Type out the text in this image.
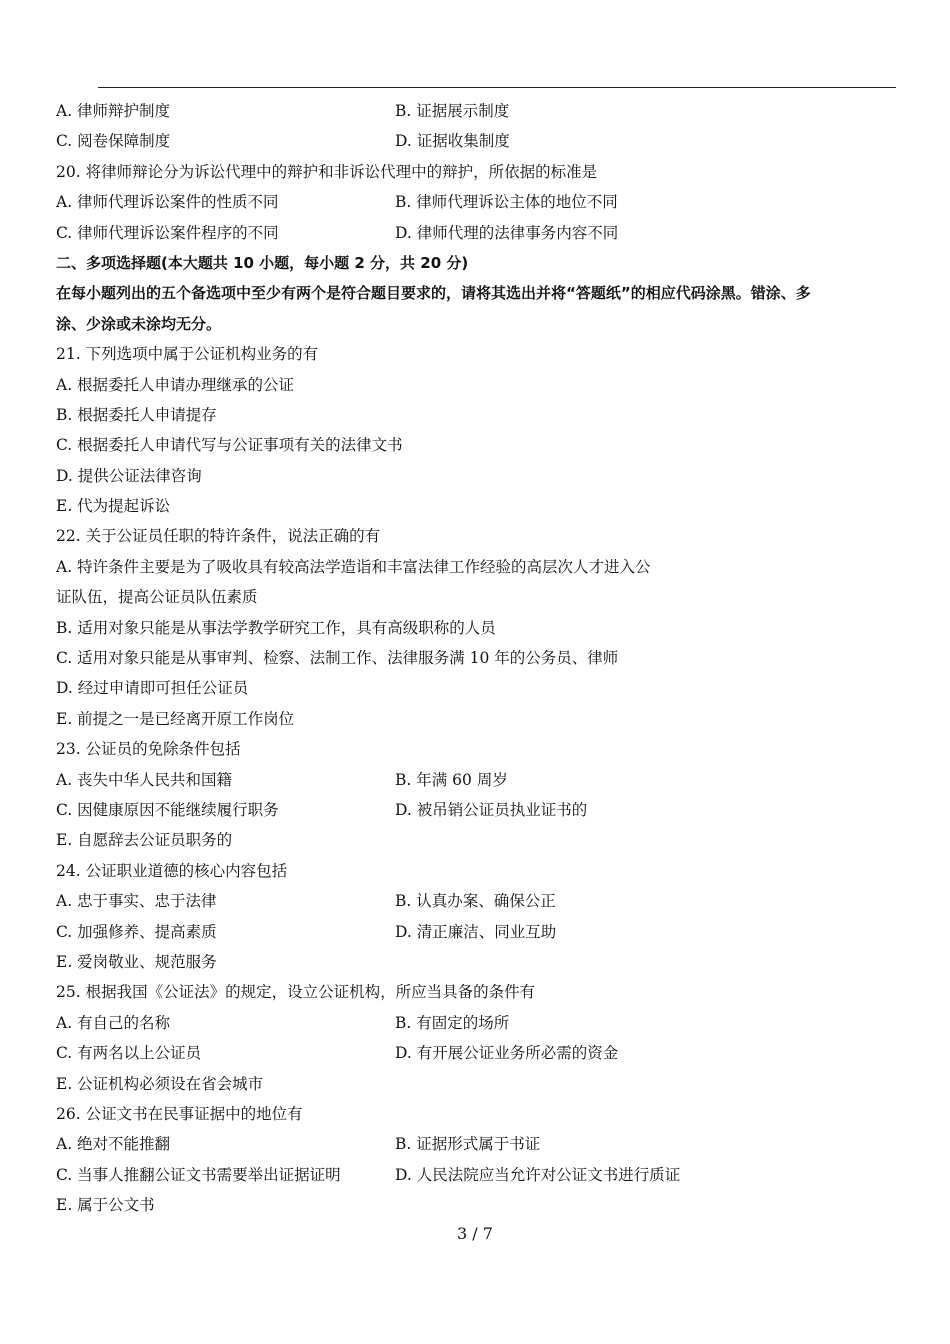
A. 律师辩护制度	B. 证据展示制度
C. 阅卷保障制度	D. 证据收集制度
20. 将律师辩论分为诉讼代理中的辩护和非诉讼代理中的辩护，所依据的标准是
A. 律师代理诉讼案件的性质不同	B. 律师代理诉讼主体的地位不同
C. 律师代理诉讼案件程序的不同	D. 律师代理的法律事务内容不同
二、多项选择题(本大题共 10 小题，每小题 2 分，共 20 分)
在每小题列出的五个备选项中至少有两个是符合题目要求的，请将其选出并将“答题纸”的相应代码涂黑。错涂、多
涂、少涂或未涂均无分。
21. 下列选项中属于公证机构业务的有
A. 根据委托人申请办理继承的公证
B. 根据委托人申请提存
C. 根据委托人申请代写与公证事项有关的法律文书
D. 提供公证法律咨询
E. 代为提起诉讼
22. 关于公证员任职的特许条件，说法正确的有
A. 特许条件主要是为了吸收具有较高法学造诣和丰富法律工作经验的高层次人才进入公
证队伍，提高公证员队伍素质
B. 适用对象只能是从事法学教学研究工作，具有高级职称的人员
C. 适用对象只能是从事审判、检察、法制工作、法律服务满 10 年的公务员、律师
D. 经过申请即可担任公证员
E. 前提之一是已经离开原工作岗位
23. 公证员的免除条件包括
A. 丧失中华人民共和国籍	B. 年满 60 周岁
C. 因健康原因不能继续履行职务	D. 被吊销公证员执业证书的
E. 自愿辞去公证员职务的
24. 公证职业道德的核心内容包括
A. 忠于事实、忠于法律	B. 认真办案、确保公正
C. 加强修养、提高素质	D. 清正廉洁、同业互助
E. 爱岗敬业、规范服务
25. 根据我国《公证法》的规定，设立公证机构，所应当具备的条件有
A. 有自己的名称	B. 有固定的场所
C. 有两名以上公证员	D. 有开展公证业务所必需的资金
E. 公证机构必须设在省会城市
26. 公证文书在民事证据中的地位有
A. 绝对不能推翻	B. 证据形式属于书证
C. 当事人推翻公证文书需要举出证据证明	D. 人民法院应当允许对公证文书进行质证
E. 属于公文书
3 / 7
